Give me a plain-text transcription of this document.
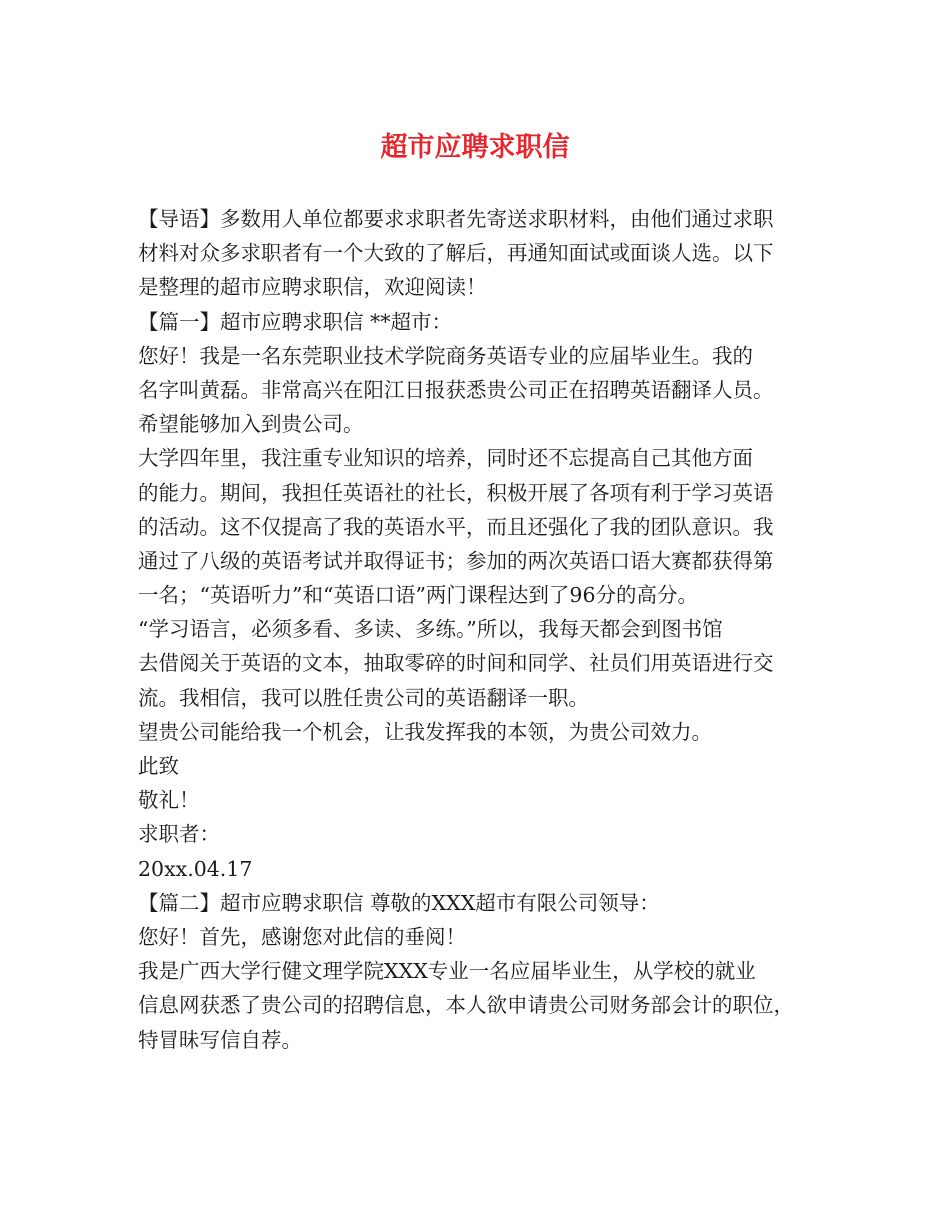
超市应聘求职信
【导语】多数用人单位都要求求职者先寄送求职材料，由他们通过求职
材料对众多求职者有一个大致的了解后，再通知面试或面谈人选。以下
是整理的超市应聘求职信，欢迎阅读！
【篇一】超市应聘求职信 **超市：
您好！我是一名东莞职业技术学院商务英语专业的应届毕业生。我的
名字叫黄磊。非常高兴在阳江日报获悉贵公司正在招聘英语翻译人员。
希望能够加入到贵公司。
大学四年里，我注重专业知识的培养，同时还不忘提高自己其他方面
的能力。期间，我担任英语社的社长，积极开展了各项有利于学习英语
的活动。这不仅提高了我的英语水平，而且还强化了我的团队意识。我
通过了八级的英语考试并取得证书；参加的两次英语口语大赛都获得第
一名；“英语听力”和“英语口语”两门课程达到了96分的高分。
“学习语言，必须多看、多读、多练。”所以，我每天都会到图书馆
去借阅关于英语的文本，抽取零碎的时间和同学、社员们用英语进行交
流。我相信，我可以胜任贵公司的英语翻译一职。
望贵公司能给我一个机会，让我发挥我的本领，为贵公司效力。
此致
敬礼！
求职者：
20xx.04.17
【篇二】超市应聘求职信 尊敬的XXX超市有限公司领导：
您好！首先，感谢您对此信的垂阅！
我是广西大学行健文理学院XXX专业一名应届毕业生，从学校的就业
信息网获悉了贵公司的招聘信息，本人欲申请贵公司财务部会计的职位，
特冒昧写信自荐。
